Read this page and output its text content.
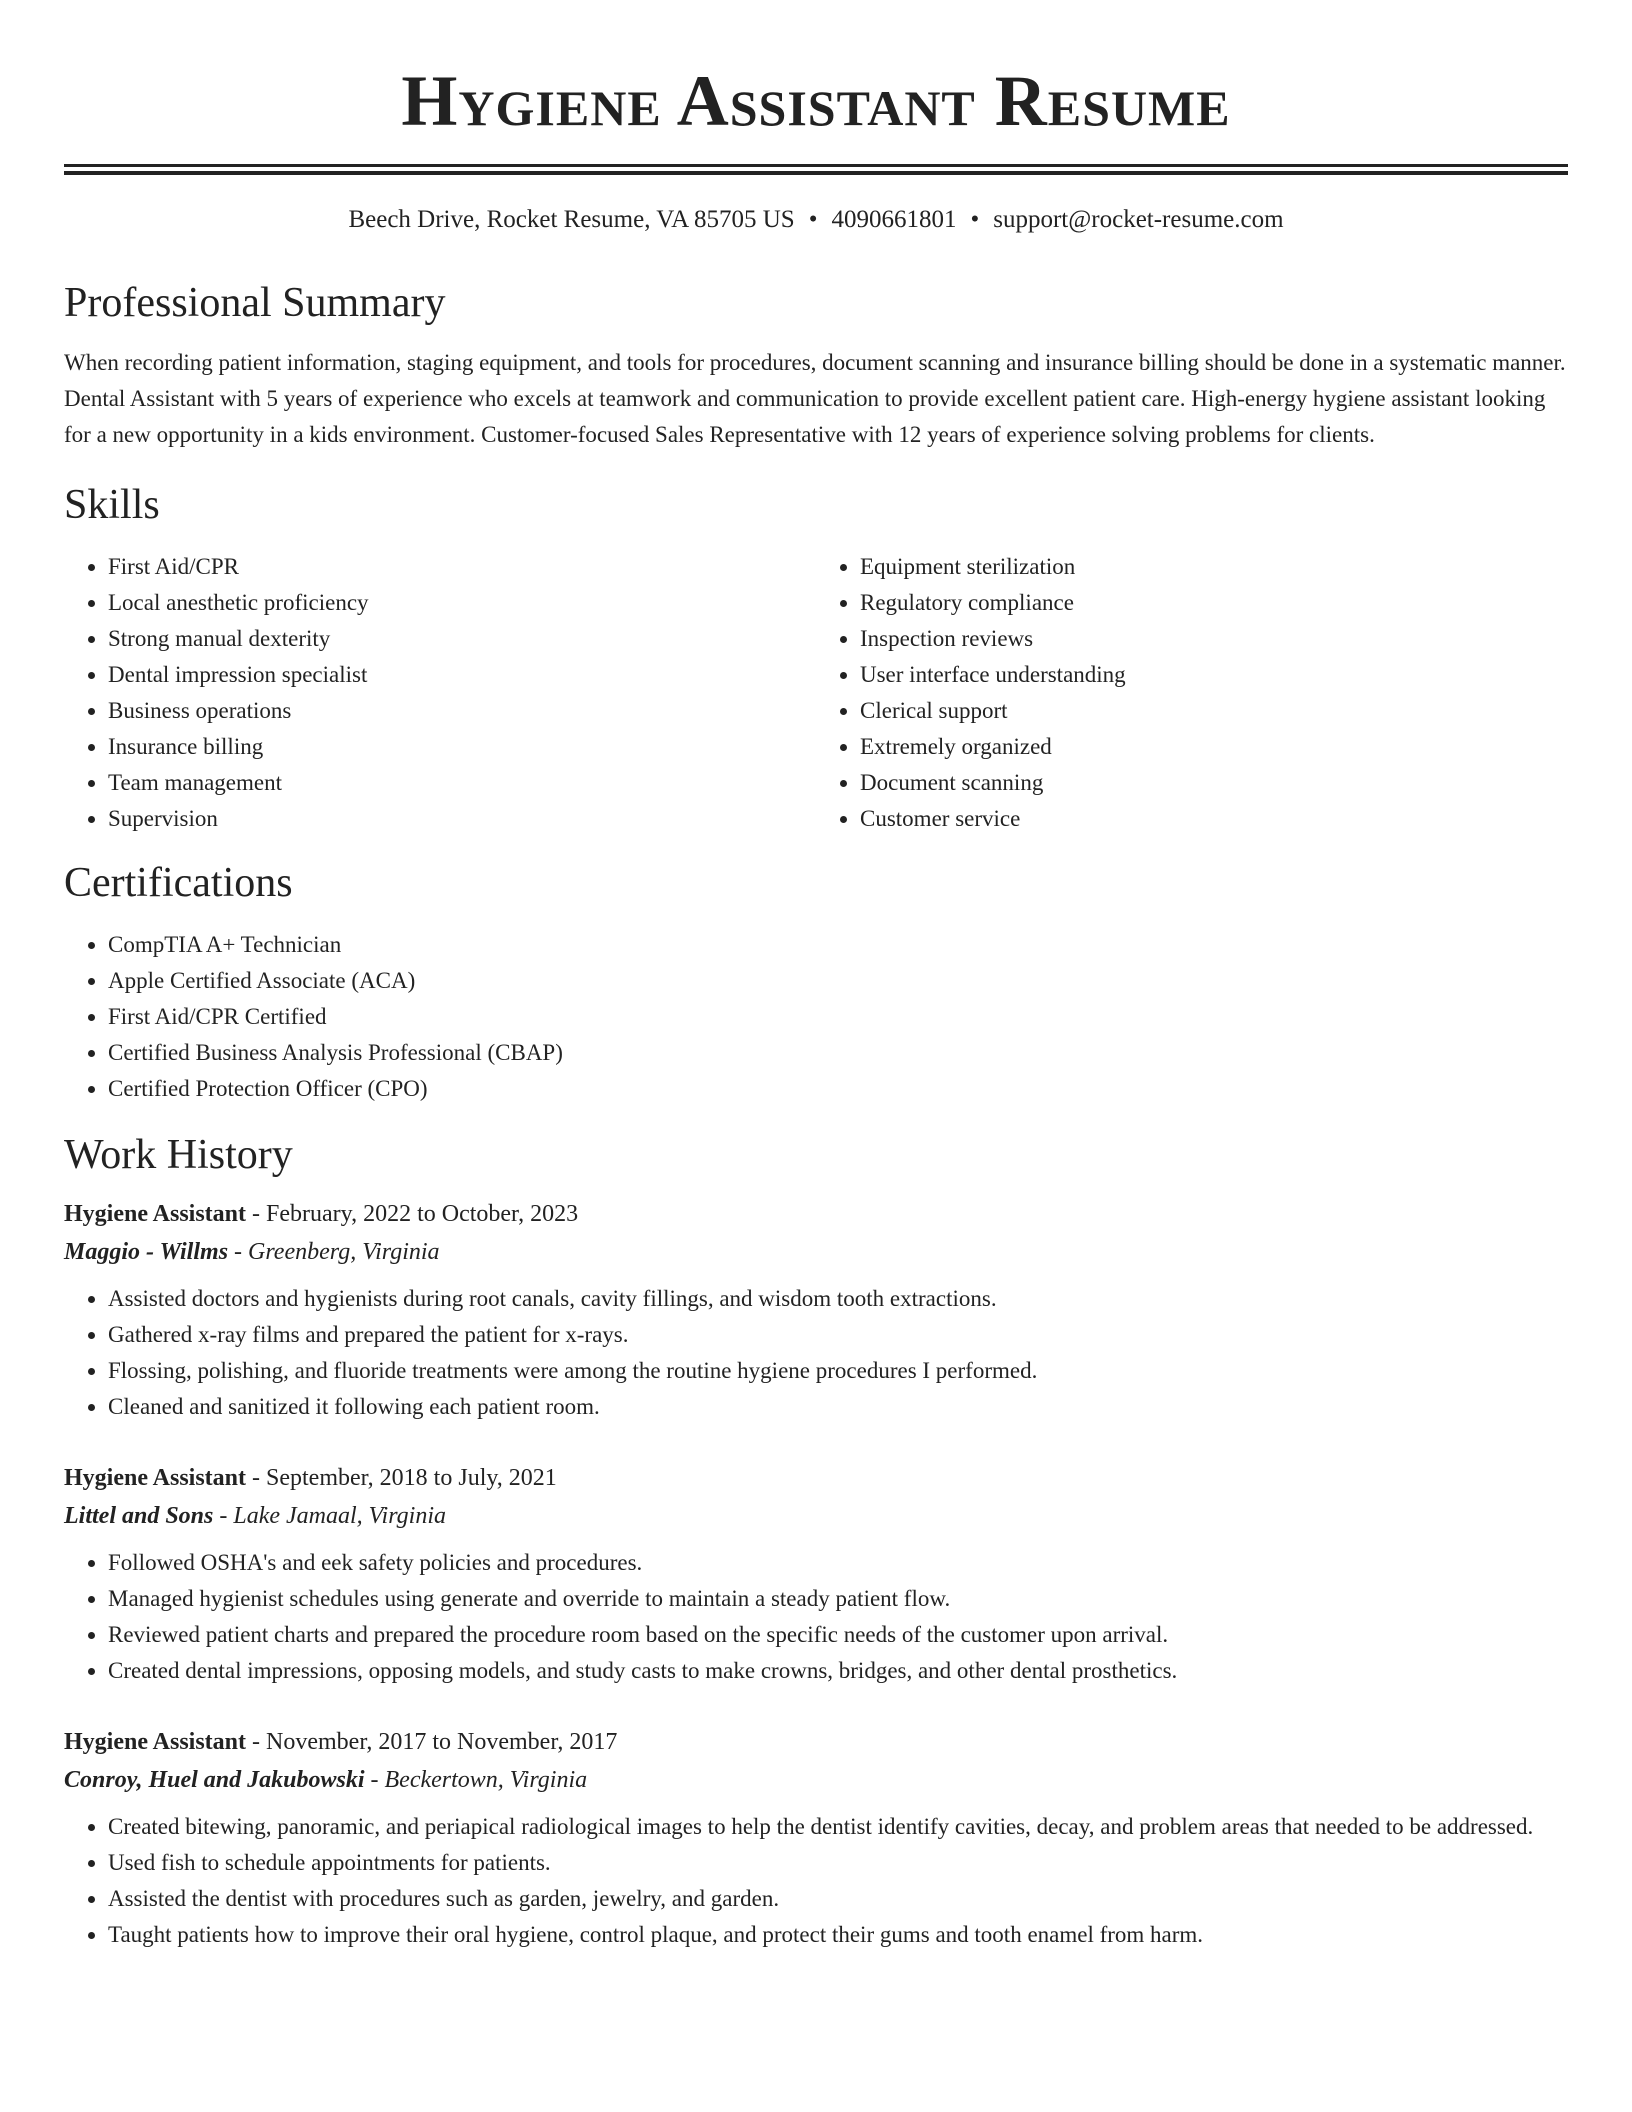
Hygiene Assistant Resume
Beech Drive, Rocket Resume, VA 85705 US • 4090661801 • support@rocket-resume.com
Professional Summary

When recording patient information, staging equipment, and tools for procedures, document scanning and insurance billing should be done in a systematic manner. Dental Assistant with 5 years of experience who excels at teamwork and communication to provide excellent patient care. High-energy hygiene assistant looking for a new opportunity in a kids environment. Customer-focused Sales Representative with 12 years of experience solving problems for clients.

Skills
• First Aid/CPR
• Local anesthetic proficiency
• Strong manual dexterity
• Dental impression specialist
• Business operations
• Insurance billing
• Team management
• Supervision
• Equipment sterilization
• Regulatory compliance
• Inspection reviews
• User interface understanding
• Clerical support
• Extremely organized
• Document scanning
• Customer service
Certifications
• CompTIA A+ Technician
• Apple Certified Associate (ACA)
• First Aid/CPR Certified
• Certified Business Analysis Professional (CBAP)
• Certified Protection Officer (CPO)
Work History
Hygiene Assistant - February, 2022 to October, 2023
Maggio - Willms - Greenberg, Virginia
• Assisted doctors and hygienists during root canals, cavity fillings, and wisdom tooth extractions.
• Gathered x-ray films and prepared the patient for x-rays.
• Flossing, polishing, and fluoride treatments were among the routine hygiene procedures I performed.
• Cleaned and sanitized it following each patient room.
Hygiene Assistant - September, 2018 to July, 2021
Littel and Sons - Lake Jamaal, Virginia
• Followed OSHA's and eek safety policies and procedures.
• Managed hygienist schedules using generate and override to maintain a steady patient flow.
• Reviewed patient charts and prepared the procedure room based on the specific needs of the customer upon arrival.
• Created dental impressions, opposing models, and study casts to make crowns, bridges, and other dental prosthetics.
Hygiene Assistant - November, 2017 to November, 2017
Conroy, Huel and Jakubowski - Beckertown, Virginia
• Created bitewing, panoramic, and periapical radiological images to help the dentist identify cavities, decay, and problem areas that needed to be addressed.
• Used fish to schedule appointments for patients.
• Assisted the dentist with procedures such as garden, jewelry, and garden.
• Taught patients how to improve their oral hygiene, control plaque, and protect their gums and tooth enamel from harm.
